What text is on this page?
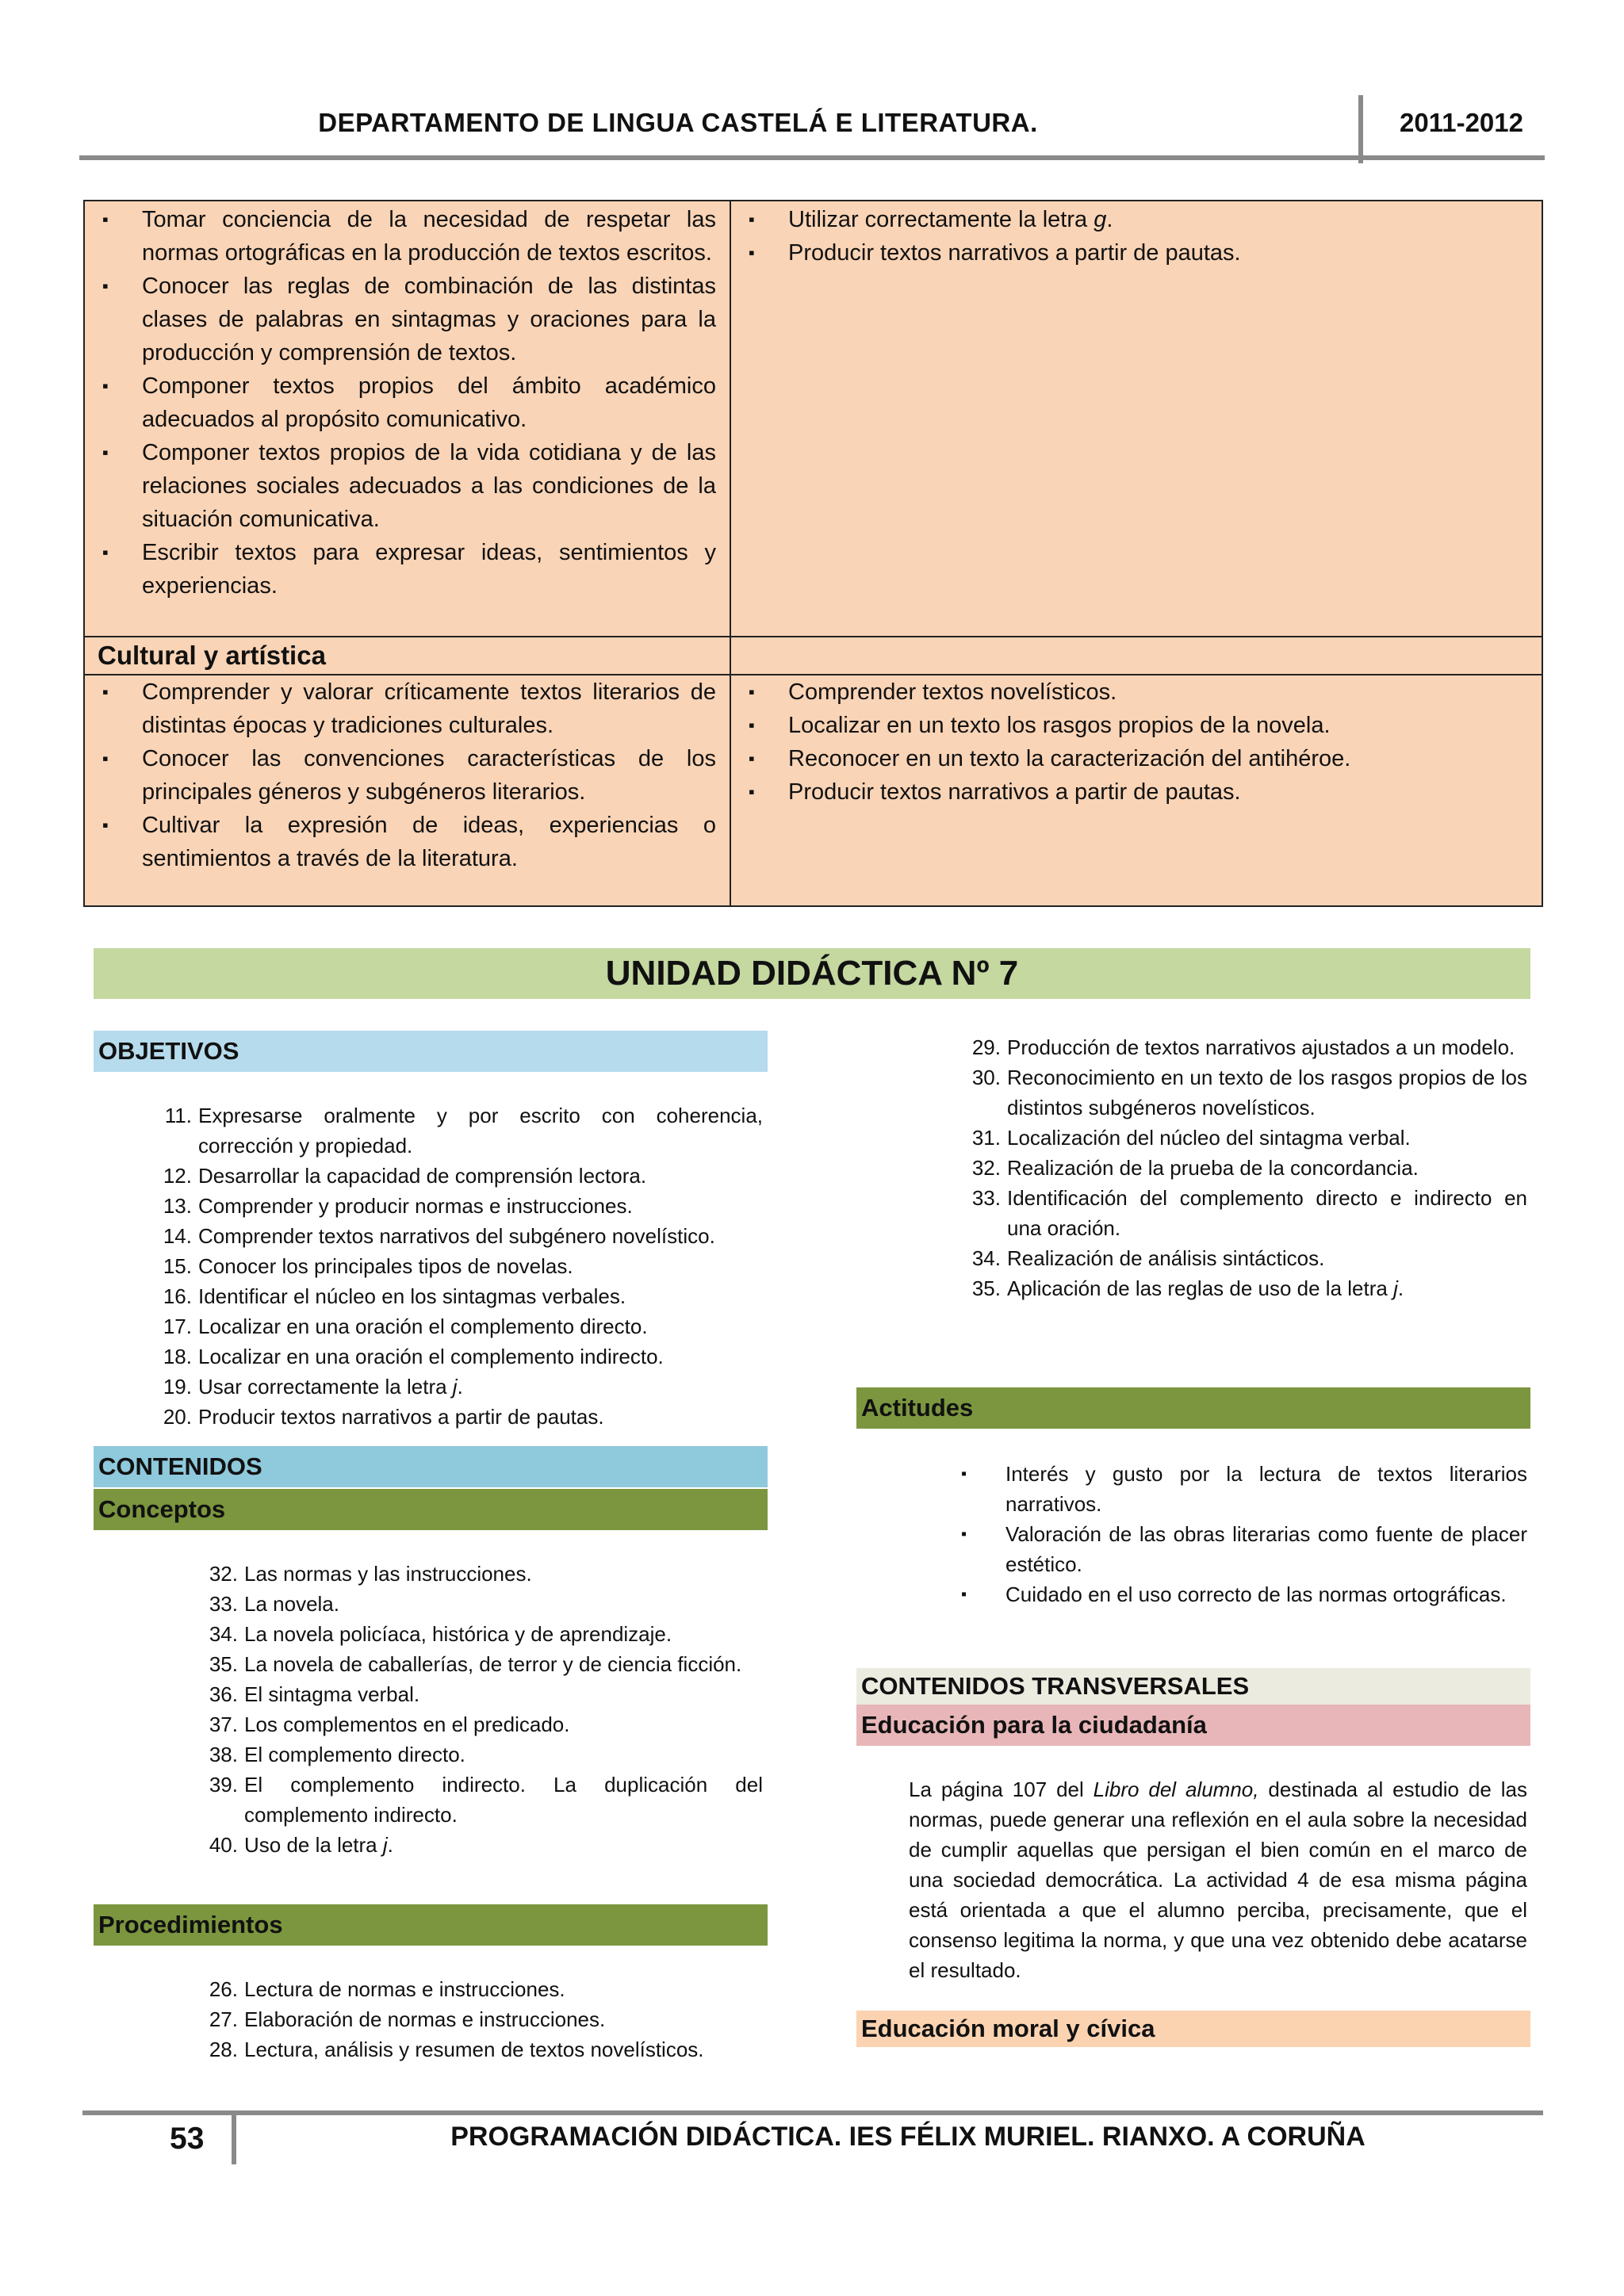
DEPARTAMENTO DE LINGUA CASTELÁ E LITERATURA.	2011-2012
▪ Tomar conciencia de la necesidad de respetar las normas ortográficas en la producción de textos escritos.
▪ Conocer las reglas de combinación de las distintas clases de palabras en sintagmas y oraciones para la producción y comprensión de textos.
▪ Componer textos propios del ámbito académico adecuados al propósito comunicativo.
▪ Componer textos propios de la vida cotidiana y de las relaciones sociales adecuados a las condiciones de la situación comunicativa.
▪ Escribir textos para expresar ideas, sentimientos y experiencias.
▪ Utilizar correctamente la letra g.
▪ Producir textos narrativos a partir de pautas.
Cultural y artística
▪ Comprender y valorar críticamente textos literarios de distintas épocas y tradiciones culturales.
▪ Conocer las convenciones características de los principales géneros y subgéneros literarios.
▪ Cultivar la expresión de ideas, experiencias o sentimientos a través de la literatura.
▪ Comprender textos novelísticos.
▪ Localizar en un texto los rasgos propios de la novela.
▪ Reconocer en un texto la caracterización del antihéroe.
▪ Producir textos narrativos a partir de pautas.
UNIDAD DIDÁCTICA Nº 7
OBJETIVOS
11. Expresarse oralmente y por escrito con coherencia, corrección y propiedad.
12. Desarrollar la capacidad de comprensión lectora.
13. Comprender y producir normas e instrucciones.
14. Comprender textos narrativos del subgénero novelístico.
15. Conocer los principales tipos de novelas.
16. Identificar el núcleo en los sintagmas verbales.
17. Localizar en una oración el complemento directo.
18. Localizar en una oración el complemento indirecto.
19. Usar correctamente la letra j.
20. Producir textos narrativos a partir de pautas.
CONTENIDOS
Conceptos
32. Las normas y las instrucciones.
33. La novela.
34. La novela policíaca, histórica y de aprendizaje.
35. La novela de caballerías, de terror y de ciencia ficción.
36. El sintagma verbal.
37. Los complementos en el predicado.
38. El complemento directo.
39. El complemento indirecto. La duplicación del complemento indirecto.
40. Uso de la letra j.
Procedimientos
26. Lectura de normas e instrucciones.
27. Elaboración de normas e instrucciones.
28. Lectura, análisis y resumen de textos novelísticos.
29. Producción de textos narrativos ajustados a un modelo.
30. Reconocimiento en un texto de los rasgos propios de los distintos subgéneros novelísticos.
31. Localización del núcleo del sintagma verbal.
32. Realización de la prueba de la concordancia.
33. Identificación del complemento directo e indirecto en una oración.
34. Realización de análisis sintácticos.
35. Aplicación de las reglas de uso de la letra j.
Actitudes
▪ Interés y gusto por la lectura de textos literarios narrativos.
▪ Valoración de las obras literarias como fuente de placer estético.
▪ Cuidado en el uso correcto de las normas ortográficas.
CONTENIDOS TRANSVERSALES
Educación para la ciudadanía
La página 107 del Libro del alumno, destinada al estudio de las normas, puede generar una reflexión en el aula sobre la necesidad de cumplir aquellas que persigan el bien común en el marco de una sociedad democrática. La actividad 4 de esa misma página está orientada a que el alumno perciba, precisamente, que el consenso legitima la norma, y que una vez obtenido debe acatarse el resultado.
Educación moral y cívica
53	PROGRAMACIÓN DIDÁCTICA. IES FÉLIX MURIEL. RIANXO. A CORUÑA
